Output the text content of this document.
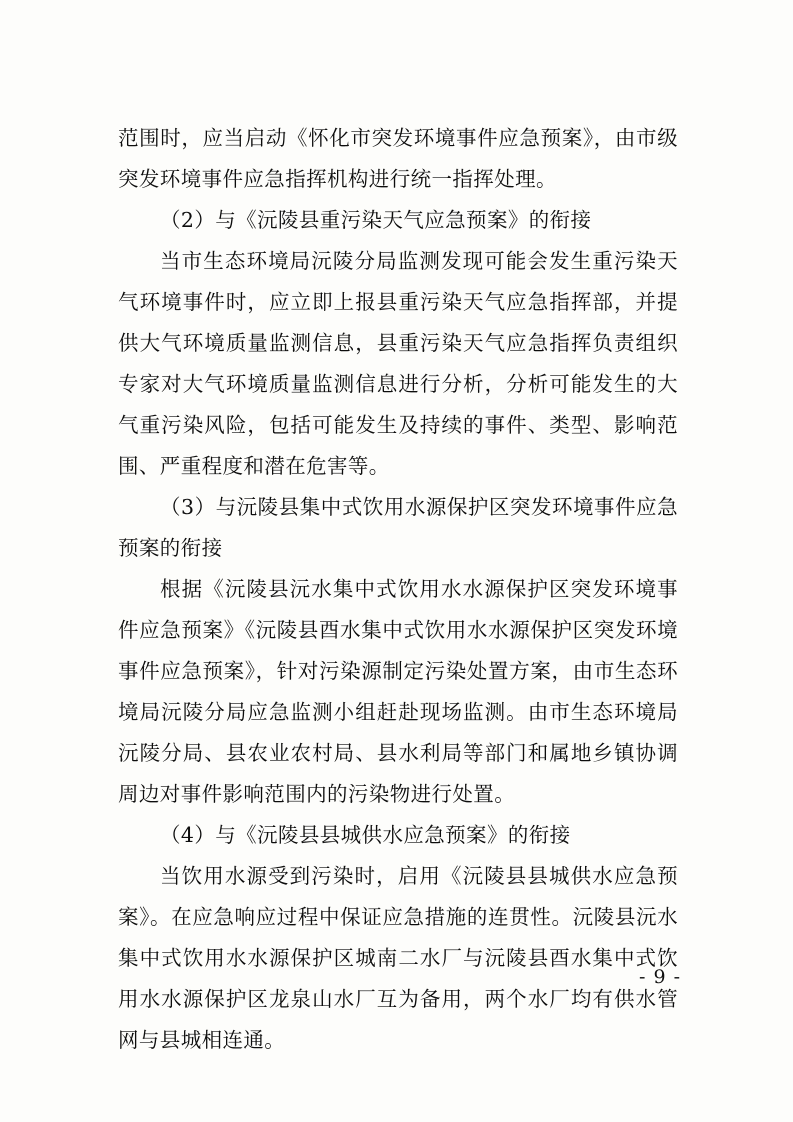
范围时，应当启动《怀化市突发环境事件应急预案》，由市级突发环境事件应急指挥机构进行统一指挥处理。

（2）与《沅陵县重污染天气应急预案》的衔接

当市生态环境局沅陵分局监测发现可能会发生重污染天气环境事件时，应立即上报县重污染天气应急指挥部，并提供大气环境质量监测信息，县重污染天气应急指挥负责组织专家对大气环境质量监测信息进行分析，分析可能发生的大气重污染风险，包括可能发生及持续的事件、类型、影响范围、严重程度和潜在危害等。

（3）与沅陵县集中式饮用水源保护区突发环境事件应急预案的衔接

根据《沅陵县沅水集中式饮用水水源保护区突发环境事件应急预案》《沅陵县酉水集中式饮用水水源保护区突发环境事件应急预案》，针对污染源制定污染处置方案，由市生态环境局沅陵分局应急监测小组赶赴现场监测。由市生态环境局沅陵分局、县农业农村局、县水利局等部门和属地乡镇协调周边对事件影响范围内的污染物进行处置。

（4）与《沅陵县县城供水应急预案》的衔接

当饮用水源受到污染时，启用《沅陵县县城供水应急预案》。在应急响应过程中保证应急措施的连贯性。沅陵县沅水集中式饮用水水源保护区城南二水厂与沅陵县酉水集中式饮用水水源保护区龙泉山水厂互为备用，两个水厂均有供水管网与县城相连通。

- 9 -
